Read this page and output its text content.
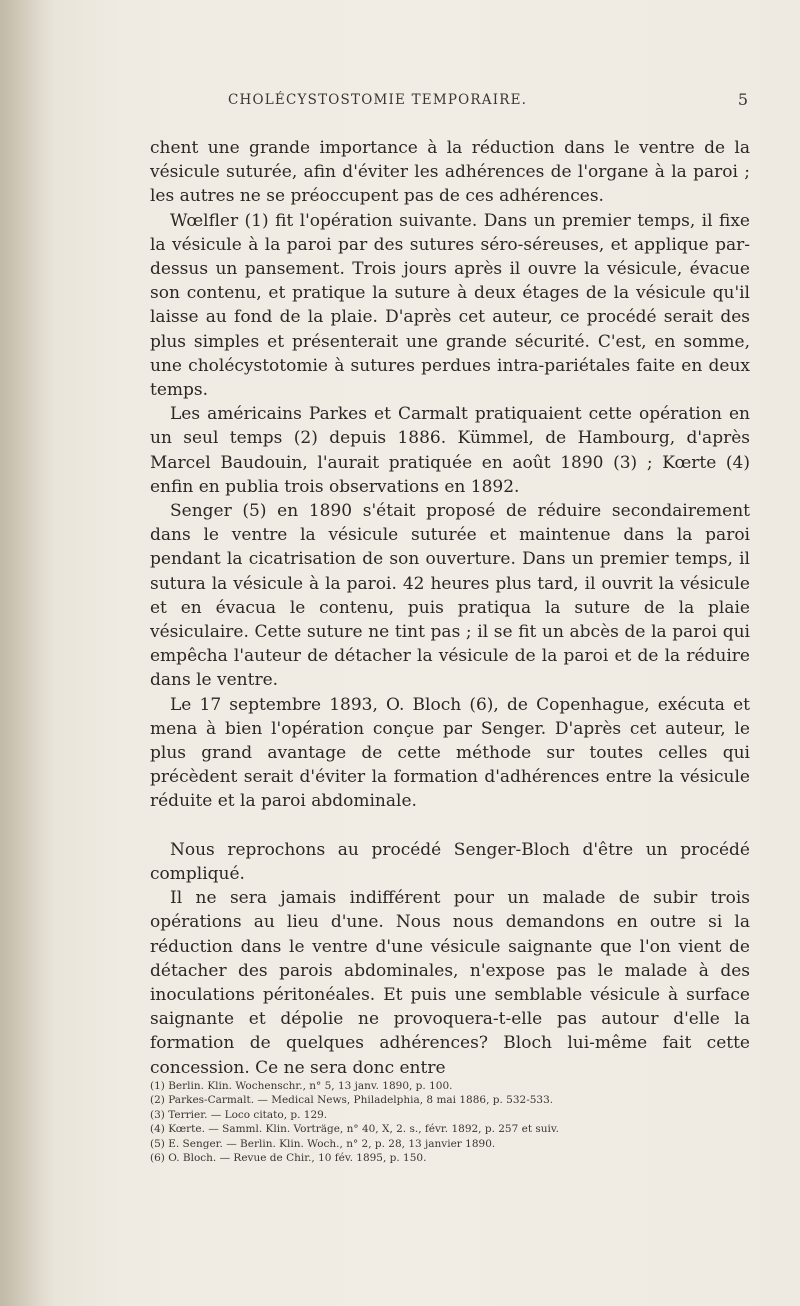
CHOLÉCYSTOSTOMIE TEMPORAIRE.	5

chent une grande importance à la réduction dans le ventre de la vésicule suturée, afin d'éviter les adhérences de l'organe à la paroi ; les autres ne se préoccupent pas de ces adhérences.

Wœlfler (1) fit l'opération suivante. Dans un premier temps, il fixe la vésicule à la paroi par des sutures séro-séreuses, et applique par-dessus un pansement. Trois jours après il ouvre la vésicule, évacue son contenu, et pratique la suture à deux étages de la vésicule qu'il laisse au fond de la plaie. D'après cet auteur, ce procédé serait des plus simples et présenterait une grande sécurité. C'est, en somme, une cholécystotomie à sutures perdues intra-pariétales faite en deux temps.

Les américains Parkes et Carmalt pratiquaient cette opération en un seul temps (2) depuis 1886. Kümmel, de Hambourg, d'après Marcel Baudouin, l'aurait pratiquée en août 1890 (3) ; Kœrte (4) enfin en publia trois observations en 1892.

Senger (5) en 1890 s'était proposé de réduire secondairement dans le ventre la vésicule suturée et maintenue dans la paroi pendant la cicatrisation de son ouverture. Dans un premier temps, il sutura la vésicule à la paroi. 42 heures plus tard, il ouvrit la vésicule et en évacua le contenu, puis pratiqua la suture de la plaie vésiculaire. Cette suture ne tint pas ; il se fit un abcès de la paroi qui empêcha l'auteur de détacher la vésicule de la paroi et de la réduire dans le ventre.

Le 17 septembre 1893, O. Bloch (6), de Copenhague, exécuta et mena à bien l'opération conçue par Senger. D'après cet auteur, le plus grand avantage de cette méthode sur toutes celles qui précèdent serait d'éviter la formation d'adhérences entre la vésicule réduite et la paroi abdominale.

Nous reprochons au procédé Senger-Bloch d'être un procédé compliqué.

Il ne sera jamais indifférent pour un malade de subir trois opérations au lieu d'une. Nous nous demandons en outre si la réduction dans le ventre d'une vésicule saignante que l'on vient de détacher des parois abdominales, n'expose pas le malade à des inoculations péritonéales. Et puis une semblable vésicule à surface saignante et dépolie ne provoquera-t-elle pas autour d'elle la formation de quelques adhérences? Bloch lui-même fait cette concession. Ce ne sera donc entre

(1) Berlin. Klin. Wochenschr., n° 5, 13 janv. 1890, p. 100.
(2) Parkes-Carmalt. — Medical News, Philadelphia, 8 mai 1886, p. 532-533.
(3) Terrier. — Loco citato, p. 129.
(4) Kœrte. — Samml. Klin. Vorträge, n° 40, X, 2. s., févr. 1892, p. 257 et suiv.
(5) E. Senger. — Berlin. Klin. Woch., n° 2, p. 28, 13 janvier 1890.
(6) O. Bloch. — Revue de Chir., 10 fév. 1895, p. 150.
